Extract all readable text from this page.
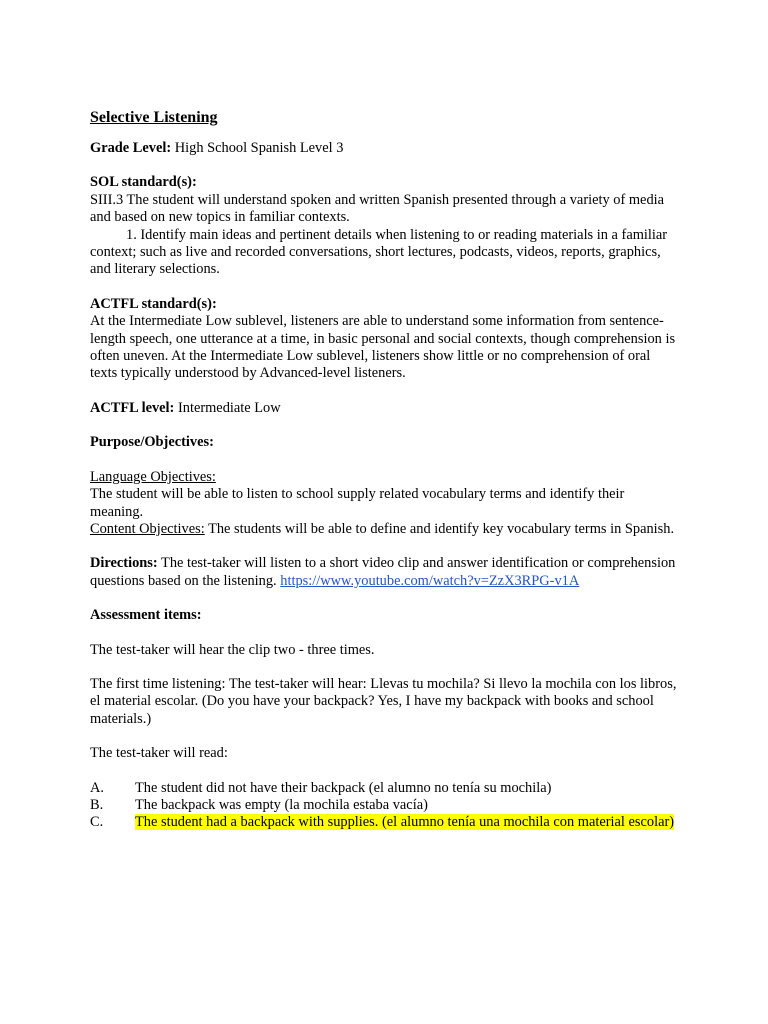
Selective Listening
Grade Level: High School Spanish Level 3
SOL standard(s):
SIII.3 The student will understand spoken and written Spanish presented through a variety of media and based on new topics in familiar contexts.
1. Identify main ideas and pertinent details when listening to or reading materials in a familiar context; such as live and recorded conversations, short lectures, podcasts, videos, reports, graphics, and literary selections.
ACTFL standard(s):
At the Intermediate Low sublevel, listeners are able to understand some information from sentence-length speech, one utterance at a time, in basic personal and social contexts, though comprehension is often uneven. At the Intermediate Low sublevel, listeners show little or no comprehension of oral texts typically understood by Advanced-level listeners.
ACTFL level: Intermediate Low
Purpose/Objectives:
Language Objectives:
The student will be able to listen to school supply related vocabulary terms and identify their meaning.
Content Objectives: The students will be able to define and identify key vocabulary terms in Spanish.
Directions: The test-taker will listen to a short video clip and answer identification or comprehension questions based on the listening. https://www.youtube.com/watch?v=ZzX3RPG-v1A
Assessment items:
The test-taker will hear the clip two - three times.
The first time listening: The test-taker will hear: Llevas tu mochila? Si llevo la mochila con los libros, el material escolar. (Do you have your backpack? Yes, I have my backpack with books and school materials.)
The test-taker will read:
A. The student did not have their backpack (el alumno no tenía su mochila)
B. The backpack was empty (la mochila estaba vacía)
C. The student had a backpack with supplies. (el alumno tenía una mochila con material escolar)
